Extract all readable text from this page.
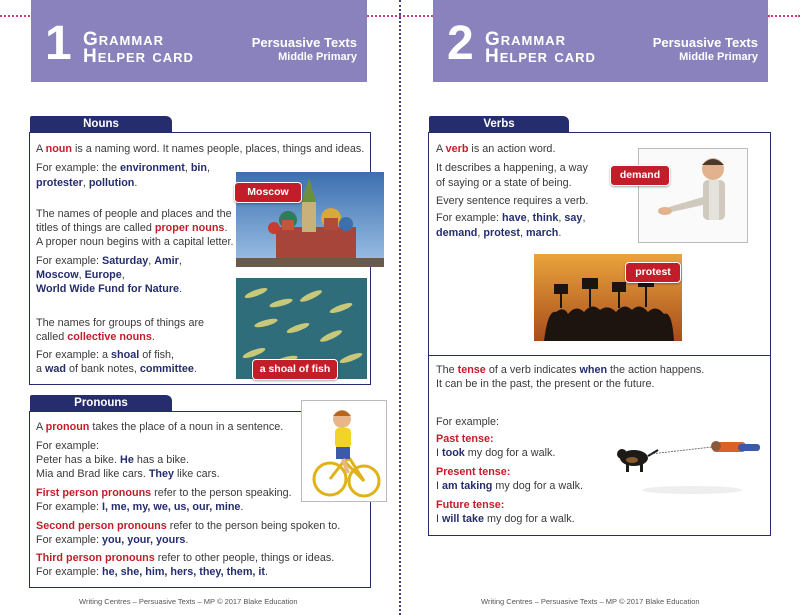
1 Grammar
Helper card
Persuasive Texts
Middle Primary 2 Grammar
Helper card
Persuasive Texts
Middle Primary
Nouns
A noun is a naming word. It names people, places, things and ideas.
For example: the environment, bin,
protester, pollution.
The names of people and places and the
titles of things are called proper nouns.
A proper noun begins with a capital letter.
For example: Saturday, Amir,
Moscow, Europe,
World Wide Fund for Nature.
The names for groups of things are
called collective nouns.
For example: a shoal of fish,
a wad of bank notes, committee.
Moscow
a shoal of fish
Pronouns
A pronoun takes the place of a noun in a sentence.
For example:
Peter has a bike. He has a bike.
Mia and Brad like cars. They like cars.
First person pronouns refer to the person speaking.
For example: I, me, my, we, us, our, mine.
Second person pronouns refer to the person being spoken to.
For example: you, your, yours.
Third person pronouns refer to other people, things or ideas.
For example: he, she, him, hers, they, them, it.
Verbs
A verb is an action word.
It describes a happening, a way
of saying or a state of being.
Every sentence requires a verb.
For example: have, think, say,
demand, protest, march.
demand
protest
The tense of a verb indicates when the action happens.
It can be in the past, the present or the future.
For example:
Past tense:
I took my dog for a walk.
Present tense:
I am taking my dog for a walk.
Future tense:
I will take my dog for a walk.
Writing Centres – Persuasive Texts – MP © 2017 Blake Education	Writing Centres – Persuasive Texts – MP © 2017 Blake Education
